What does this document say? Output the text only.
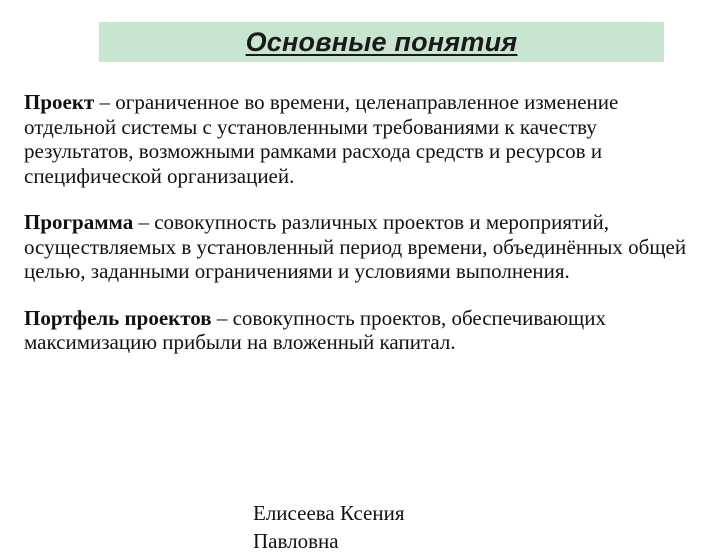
Основные понятия

Проект – ограниченное во времени, целенаправленное изменение отдельной системы с установленными требованиями к качеству результатов, возможными рамками расхода средств и ресурсов и специфической организацией.

Программа – совокупность различных проектов и мероприятий, осуществляемых в установленный период времени, объединённых общей целью, заданными ограничениями и условиями выполнения.

Портфель проектов – совокупность проектов, обеспечивающих максимизацию прибыли на вложенный капитал.

Елисеева Ксения
Павловна
